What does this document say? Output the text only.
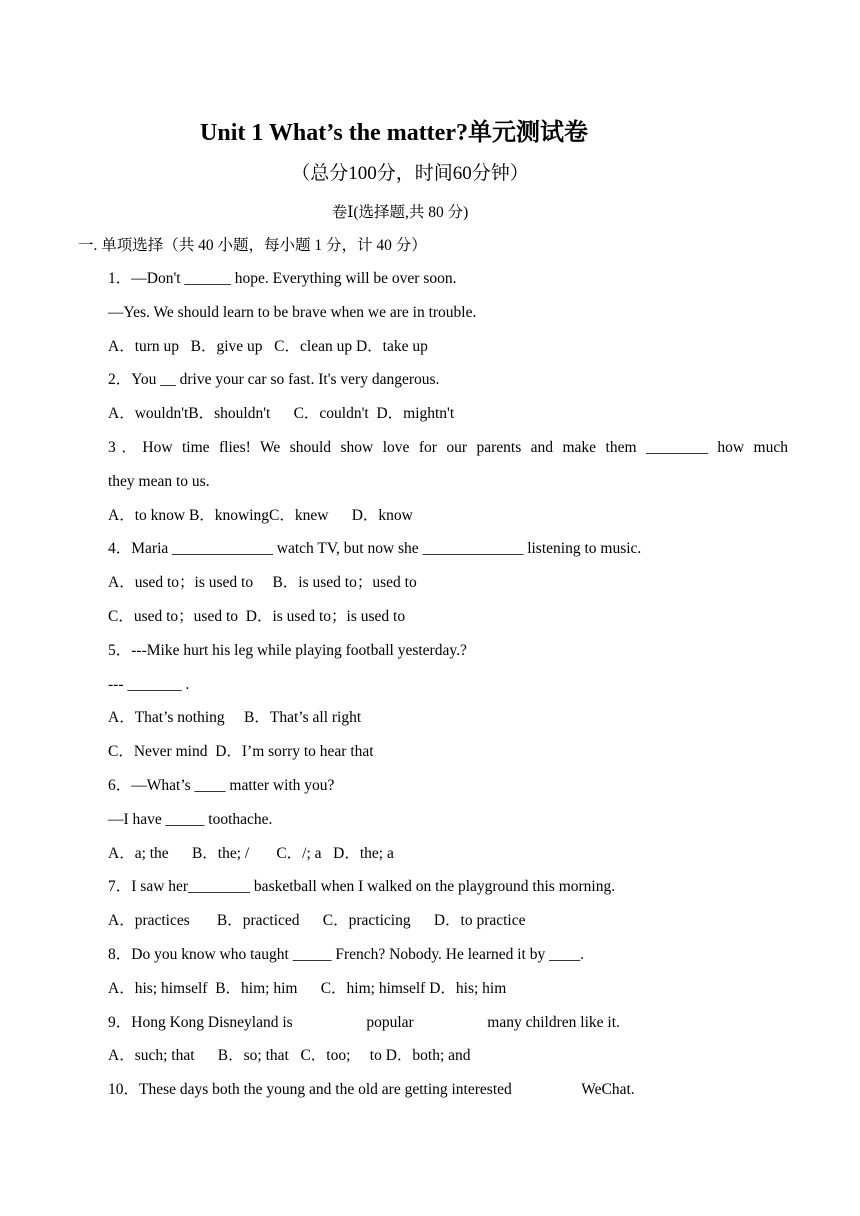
Unit 1 What’s the matter?单元测试卷
（总分100分，时间60分钟）
卷Ⅰ(选择题,共 80 分)
一. 单项选择（共 40 小题，每小题 1 分，计 40 分）
1．—Don't ______ hope. Everything will be over soon.
—Yes. We should learn to be brave when we are in trouble.
A．turn up   B．give up   C．clean up D．take up
2．You __ drive your car so fast. It's very dangerous.
A．wouldn'tB．shouldn't      C．couldn't  D．mightn't
3．How time flies! We should show love for our parents and make them ________ how much
they mean to us.
A．to know B．knowingC．knew      D．know
4．Maria _____________ watch TV, but now she _____________ listening to music.
A．used to；is used to     B．is used to；used to
C．used to；used to  D．is used to；is used to
5．---Mike hurt his leg while playing football yesterday.?
--- _______ .
A．That’s nothing     B．That’s all right
C．Never mind  D．I’m sorry to hear that
6．—What’s ____ matter with you?
—I have _____ toothache.
A．a; the      B．the; /       C．/; a   D．the; a
7．I saw her________ basketball when I walked on the playground this morning.
A．practices       B．practiced      C．practicing      D．to practice
8．Do you know who taught _____ French? Nobody. He learned it by ____.
A．his; himself  B．him; him      C．him; himself D．his; him
9．Hong Kong Disneyland is                   popular                   many children like it.
A．such; that      B．so; that   C．too;     to D．both; and
10．These days both the young and the old are getting interested                  WeChat.
